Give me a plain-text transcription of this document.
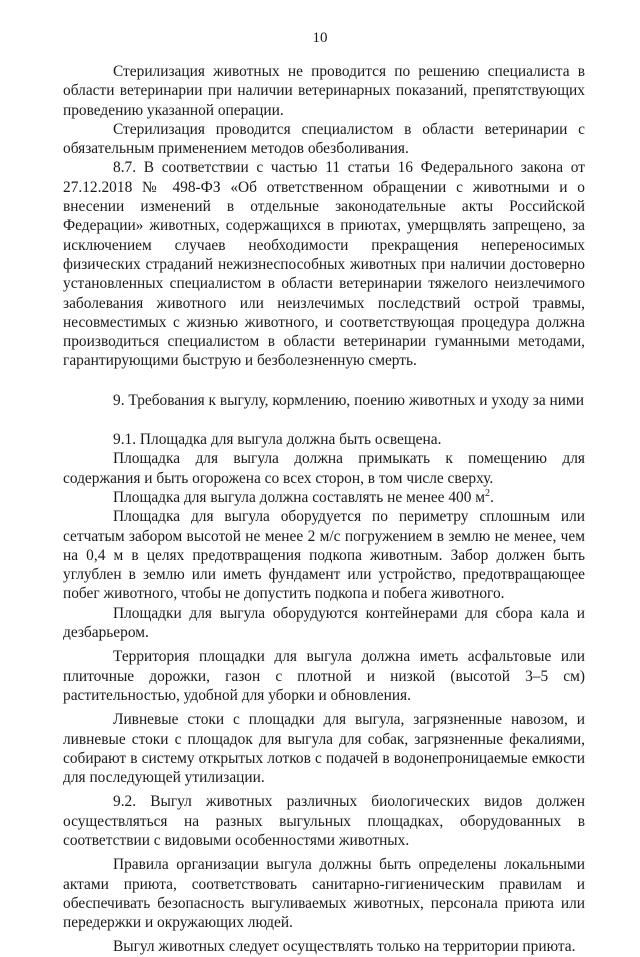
10

Стерилизация животных не проводится по решению специалиста в области ветеринарии при наличии ветеринарных показаний, препятствующих проведению указанной операции.

Стерилизация проводится специалистом в области ветеринарии с обязательным применением методов обезболивания.

8.7. В соответствии с частью 11 статьи 16 Федерального закона от 27.12.2018 № 498-ФЗ «Об ответственном обращении с животными и о внесении изменений в отдельные законодательные акты Российской Федерации» животных, содержащихся в приютах, умерщвлять запрещено, за исключением случаев необходимости прекращения непереносимых физических страданий нежизнеспособных животных при наличии достоверно установленных специалистом в области ветеринарии тяжелого неизлечимого заболевания животного или неизлечимых последствий острой травмы, несовместимых с жизнью животного, и соответствующая процедура должна производиться специалистом в области ветеринарии гуманными методами, гарантирующими быструю и безболезненную смерть.

9. Требования к выгулу, кормлению, поению животных и уходу за ними

9.1. Площадка для выгула должна быть освещена.

Площадка для выгула должна примыкать к помещению для содержания и быть огорожена со всех сторон, в том числе сверху.

Площадка для выгула должна составлять не менее 400 $м^2$.

Площадка для выгула оборудуется по периметру сплошным или сетчатым забором высотой не менее 2 м/с погружением в землю не менее, чем на 0,4 м в целях предотвращения подкопа животным. Забор должен быть углублен в землю или иметь фундамент или устройство, предотвращающее побег животного, чтобы не допустить подкопа и побега животного.

Площадки для выгула оборудуются контейнерами для сбора кала и дезбарьером.

Территория площадки для выгула должна иметь асфальтовые или плиточные дорожки, газон с плотной и низкой (высотой 3–5 см) растительностью, удобной для уборки и обновления.

Ливневые стоки с площадки для выгула, загрязненные навозом, и ливневые стоки с площадок для выгула для собак, загрязненные фекалиями, собирают в систему открытых лотков с подачей в водонепроницаемые емкости для последующей утилизации.

9.2. Выгул животных различных биологических видов должен осуществляться на разных выгульных площадках, оборудованных в соответствии с видовыми особенностями животных.

Правила организации выгула должны быть определены локальными актами приюта, соответствовать санитарно-гигиеническим правилам и обеспечивать безопасность выгуливаемых животных, персонала приюта или передержки и окружающих людей.

Выгул животных следует осуществлять только на территории приюта.
